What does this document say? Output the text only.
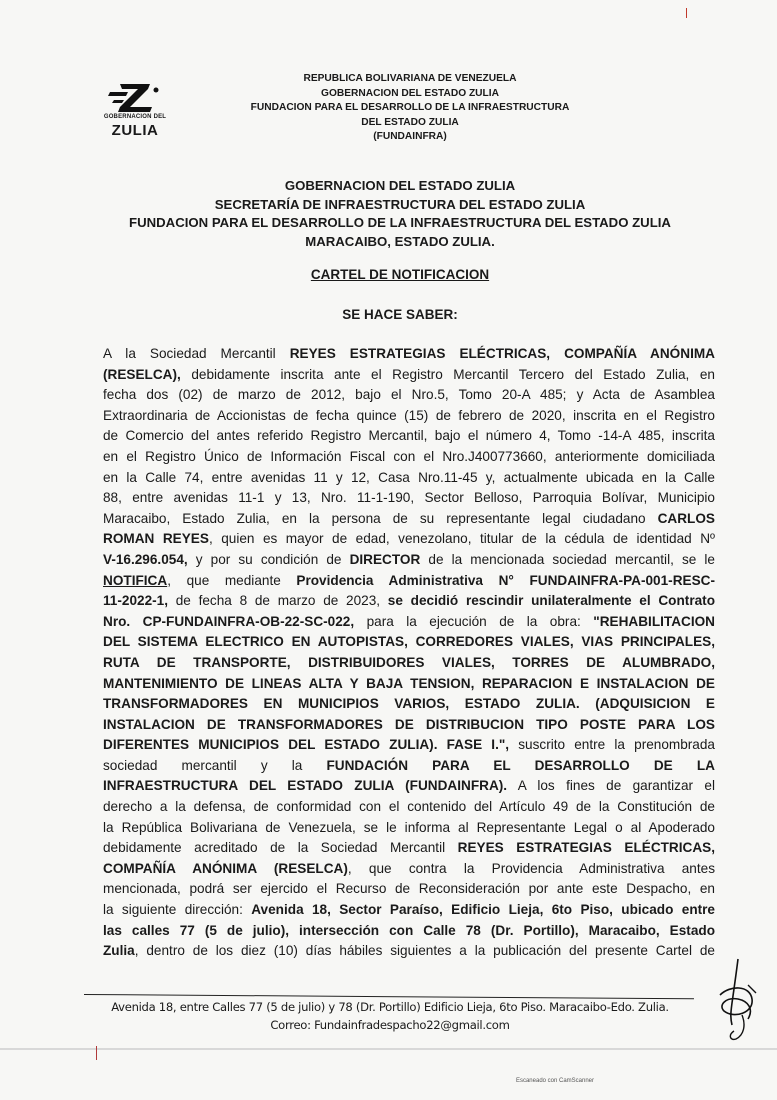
GOBERNACION DEL
ZULIA
REPUBLICA BOLIVARIANA DE VENEZUELA
GOBERNACION DEL ESTADO ZULIA
FUNDACION PARA EL DESARROLLO DE LA INFRAESTRUCTURA
DEL ESTADO ZULIA
(FUNDAINFRA)
GOBERNACION DEL ESTADO ZULIA
SECRETARÍA DE INFRAESTRUCTURA DEL ESTADO ZULIA
FUNDACION PARA EL DESARROLLO DE LA INFRAESTRUCTURA DEL ESTADO ZULIA
MARACAIBO, ESTADO ZULIA.
CARTEL DE NOTIFICACION
SE HACE SABER:
A la Sociedad Mercantil REYES ESTRATEGIAS ELÉCTRICAS, COMPAÑÍA ANÓNIMA
(RESELCA), debidamente inscrita ante el Registro Mercantil Tercero del Estado Zulia, en
fecha dos (02) de marzo de 2012, bajo el Nro.5, Tomo 20-A 485; y Acta de Asamblea
Extraordinaria de Accionistas de fecha quince (15) de febrero de 2020, inscrita en el Registro
de Comercio del antes referido Registro Mercantil, bajo el número 4, Tomo -14-A 485, inscrita
en el Registro Único de Información Fiscal con el Nro.J400773660, anteriormente domiciliada
en la Calle 74, entre avenidas 11 y 12, Casa Nro.11-45 y, actualmente ubicada en la Calle
88, entre avenidas 11-1 y 13, Nro. 11-1-190, Sector Belloso, Parroquia Bolívar, Municipio
Maracaibo, Estado Zulia, en la persona de su representante legal ciudadano CARLOS
ROMAN REYES, quien es mayor de edad, venezolano, titular de la cédula de identidad Nº
V-16.296.054, y por su condición de DIRECTOR de la mencionada sociedad mercantil, se le
NOTIFICA, que mediante Providencia Administrativa N° FUNDAINFRA-PA-001-RESC-
11-2022-1, de fecha 8 de marzo de 2023, se decidió rescindir unilateralmente el Contrato
Nro. CP-FUNDAINFRA-OB-22-SC-022, para la ejecución de la obra: "REHABILITACION
DEL SISTEMA ELECTRICO EN AUTOPISTAS, CORREDORES VIALES, VIAS PRINCIPALES,
RUTA DE TRANSPORTE, DISTRIBUIDORES VIALES, TORRES DE ALUMBRADO,
MANTENIMIENTO DE LINEAS ALTA Y BAJA TENSION, REPARACION E INSTALACION DE
TRANSFORMADORES EN MUNICIPIOS VARIOS, ESTADO ZULIA. (ADQUISICION E
INSTALACION DE TRANSFORMADORES DE DISTRIBUCION TIPO POSTE PARA LOS
DIFERENTES MUNICIPIOS DEL ESTADO ZULIA). FASE I.", suscrito entre la prenombrada
sociedad mercantil y la FUNDACIÓN PARA EL DESARROLLO DE LA
INFRAESTRUCTURA DEL ESTADO ZULIA (FUNDAINFRA). A los fines de garantizar el
derecho a la defensa, de conformidad con el contenido del Artículo 49 de la Constitución de
la República Bolivariana de Venezuela, se le informa al Representante Legal o al Apoderado
debidamente acreditado de la Sociedad Mercantil REYES ESTRATEGIAS ELÉCTRICAS,
COMPAÑÍA ANÓNIMA (RESELCA), que contra la Providencia Administrativa antes
mencionada, podrá ser ejercido el Recurso de Reconsideración por ante este Despacho, en
la siguiente dirección: Avenida 18, Sector Paraíso, Edificio Lieja, 6to Piso, ubicado entre
las calles 77 (5 de julio), intersección con Calle 78 (Dr. Portillo), Maracaibo, Estado
Zulia, dentro de los diez (10) días hábiles siguientes a la publicación del presente Cartel de
Avenida 18, entre Calles 77 (5 de julio) y 78 (Dr. Portillo) Edificio Lieja, 6to Piso. Maracaibo-Edo. Zulia.
Correo: Fundainfradespacho22@gmail.com
Escaneado con CamScanner
